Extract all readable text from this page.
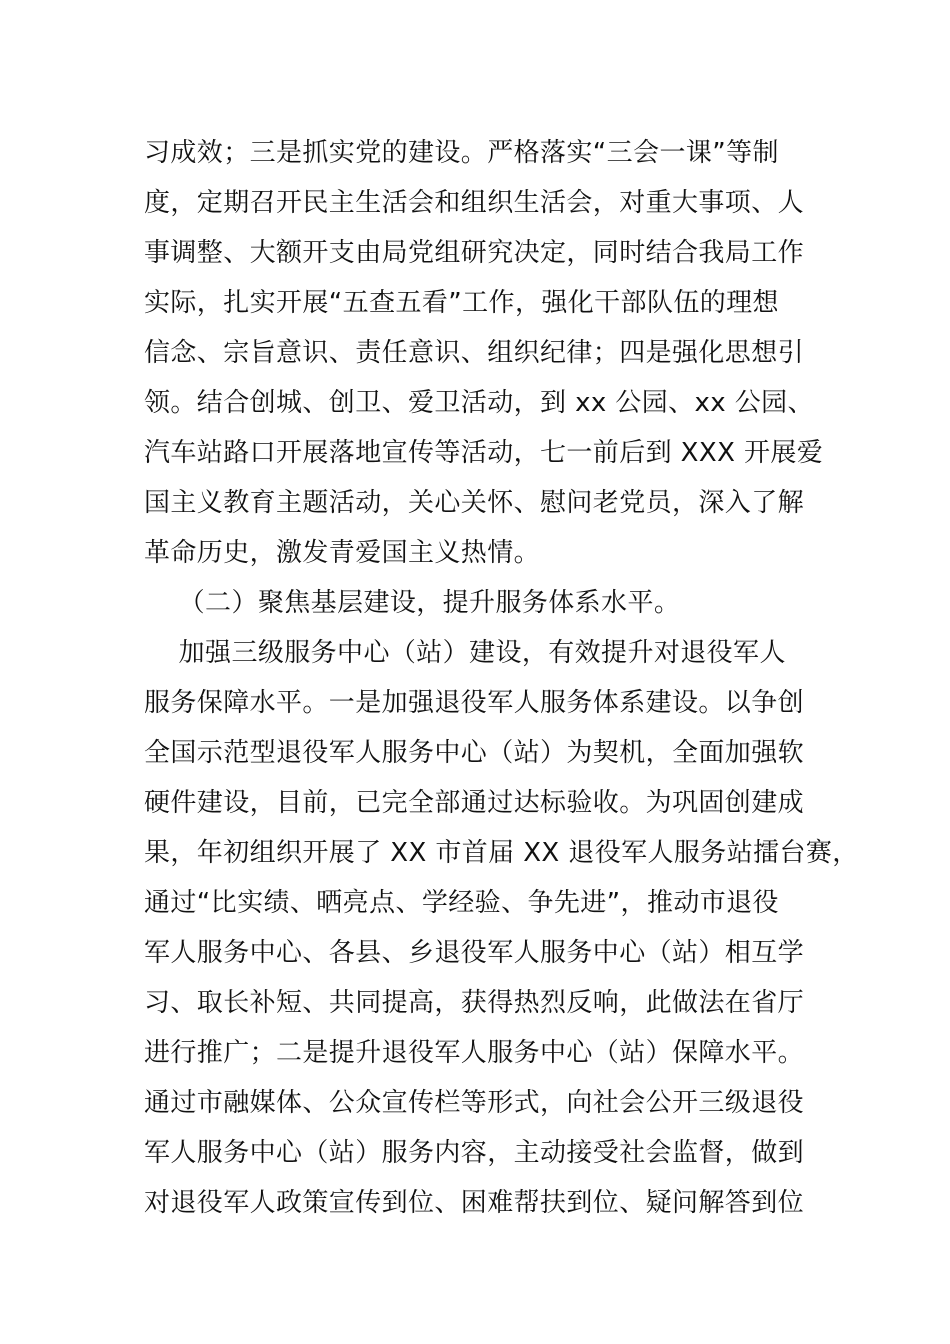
习成效；三是抓实党的建设。严格落实“三会一课”等制
度，定期召开民主生活会和组织生活会，对重大事项、人
事调整、大额开支由局党组研究决定，同时结合我局工作
实际，扎实开展“五查五看”工作，强化干部队伍的理想
信念、宗旨意识、责任意识、组织纪律；四是强化思想引
领。结合创城、创卫、爱卫活动，到 xx 公园、xx 公园、
汽车站路口开展落地宣传等活动，七一前后到 XXX 开展爱
国主义教育主题活动，关心关怀、慰问老党员，深入了解
革命历史，激发青爱国主义热情。
（二）聚焦基层建设，提升服务体系水平。
加强三级服务中心（站）建设，有效提升对退役军人
服务保障水平。一是加强退役军人服务体系建设。以争创
全国示范型退役军人服务中心（站）为契机，全面加强软
硬件建设，目前，已完全部通过达标验收。为巩固创建成
果，年初组织开展了 XX 市首届 XX 退役军人服务站擂台赛，
通过“比实绩、晒亮点、学经验、争先进”，推动市退役
军人服务中心、各县、乡退役军人服务中心（站）相互学
习、取长补短、共同提高，获得热烈反响，此做法在省厅
进行推广；二是提升退役军人服务中心（站）保障水平。
通过市融媒体、公众宣传栏等形式，向社会公开三级退役
军人服务中心（站）服务内容，主动接受社会监督，做到
对退役军人政策宣传到位、困难帮扶到位、疑问解答到位
